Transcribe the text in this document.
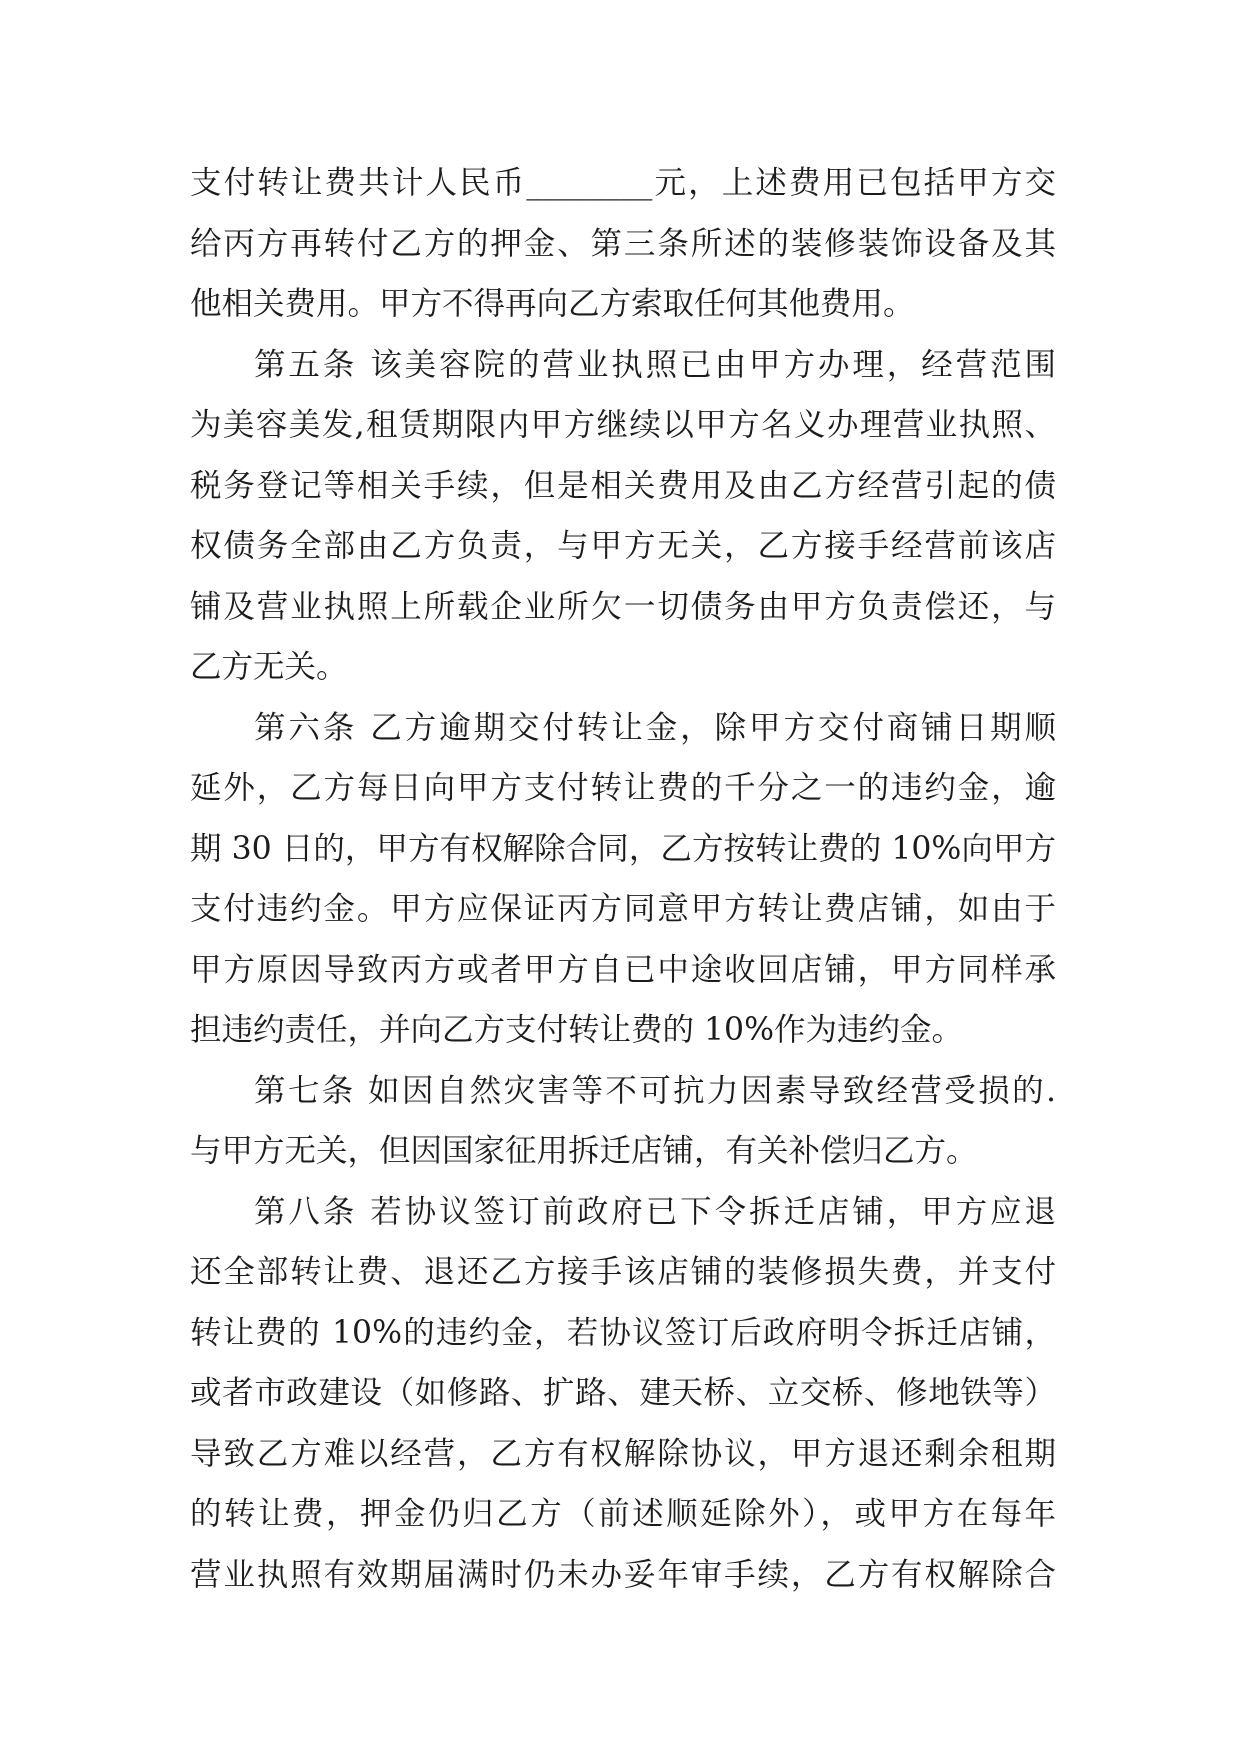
支付转让费共计人民币________元，上述费用已包括甲方交
给丙方再转付乙方的押金、第三条所述的装修装饰设备及其
他相关费用。甲方不得再向乙方索取任何其他费用。
第五条 该美容院的营业执照已由甲方办理，经营范围
为美容美发,租赁期限内甲方继续以甲方名义办理营业执照、
税务登记等相关手续，但是相关费用及由乙方经营引起的债
权债务全部由乙方负责，与甲方无关，乙方接手经营前该店
铺及营业执照上所载企业所欠一切债务由甲方负责偿还，与
乙方无关。
第六条 乙方逾期交付转让金，除甲方交付商铺日期顺
延外，乙方每日向甲方支付转让费的千分之一的违约金，逾
期 30 日的，甲方有权解除合同，乙方按转让费的 10%向甲方
支付违约金。甲方应保证丙方同意甲方转让费店铺，如由于
甲方原因导致丙方或者甲方自已中途收回店铺，甲方同样承
担违约责任，并向乙方支付转让费的 10%作为违约金。
第七条 如因自然灾害等不可抗力因素导致经营受损的.
与甲方无关，但因国家征用拆迁店铺，有关补偿归乙方。
第八条 若协议签订前政府已下令拆迁店铺，甲方应退
还全部转让费、退还乙方接手该店铺的装修损失费，并支付
转让费的 10%的违约金，若协议签订后政府明令拆迁店铺，
或者市政建设（如修路、扩路、建天桥、立交桥、修地铁等）
导致乙方难以经营，乙方有权解除协议，甲方退还剩余租期
的转让费，押金仍归乙方（前述顺延除外），或甲方在每年
营业执照有效期届满时仍未办妥年审手续，乙方有权解除合
